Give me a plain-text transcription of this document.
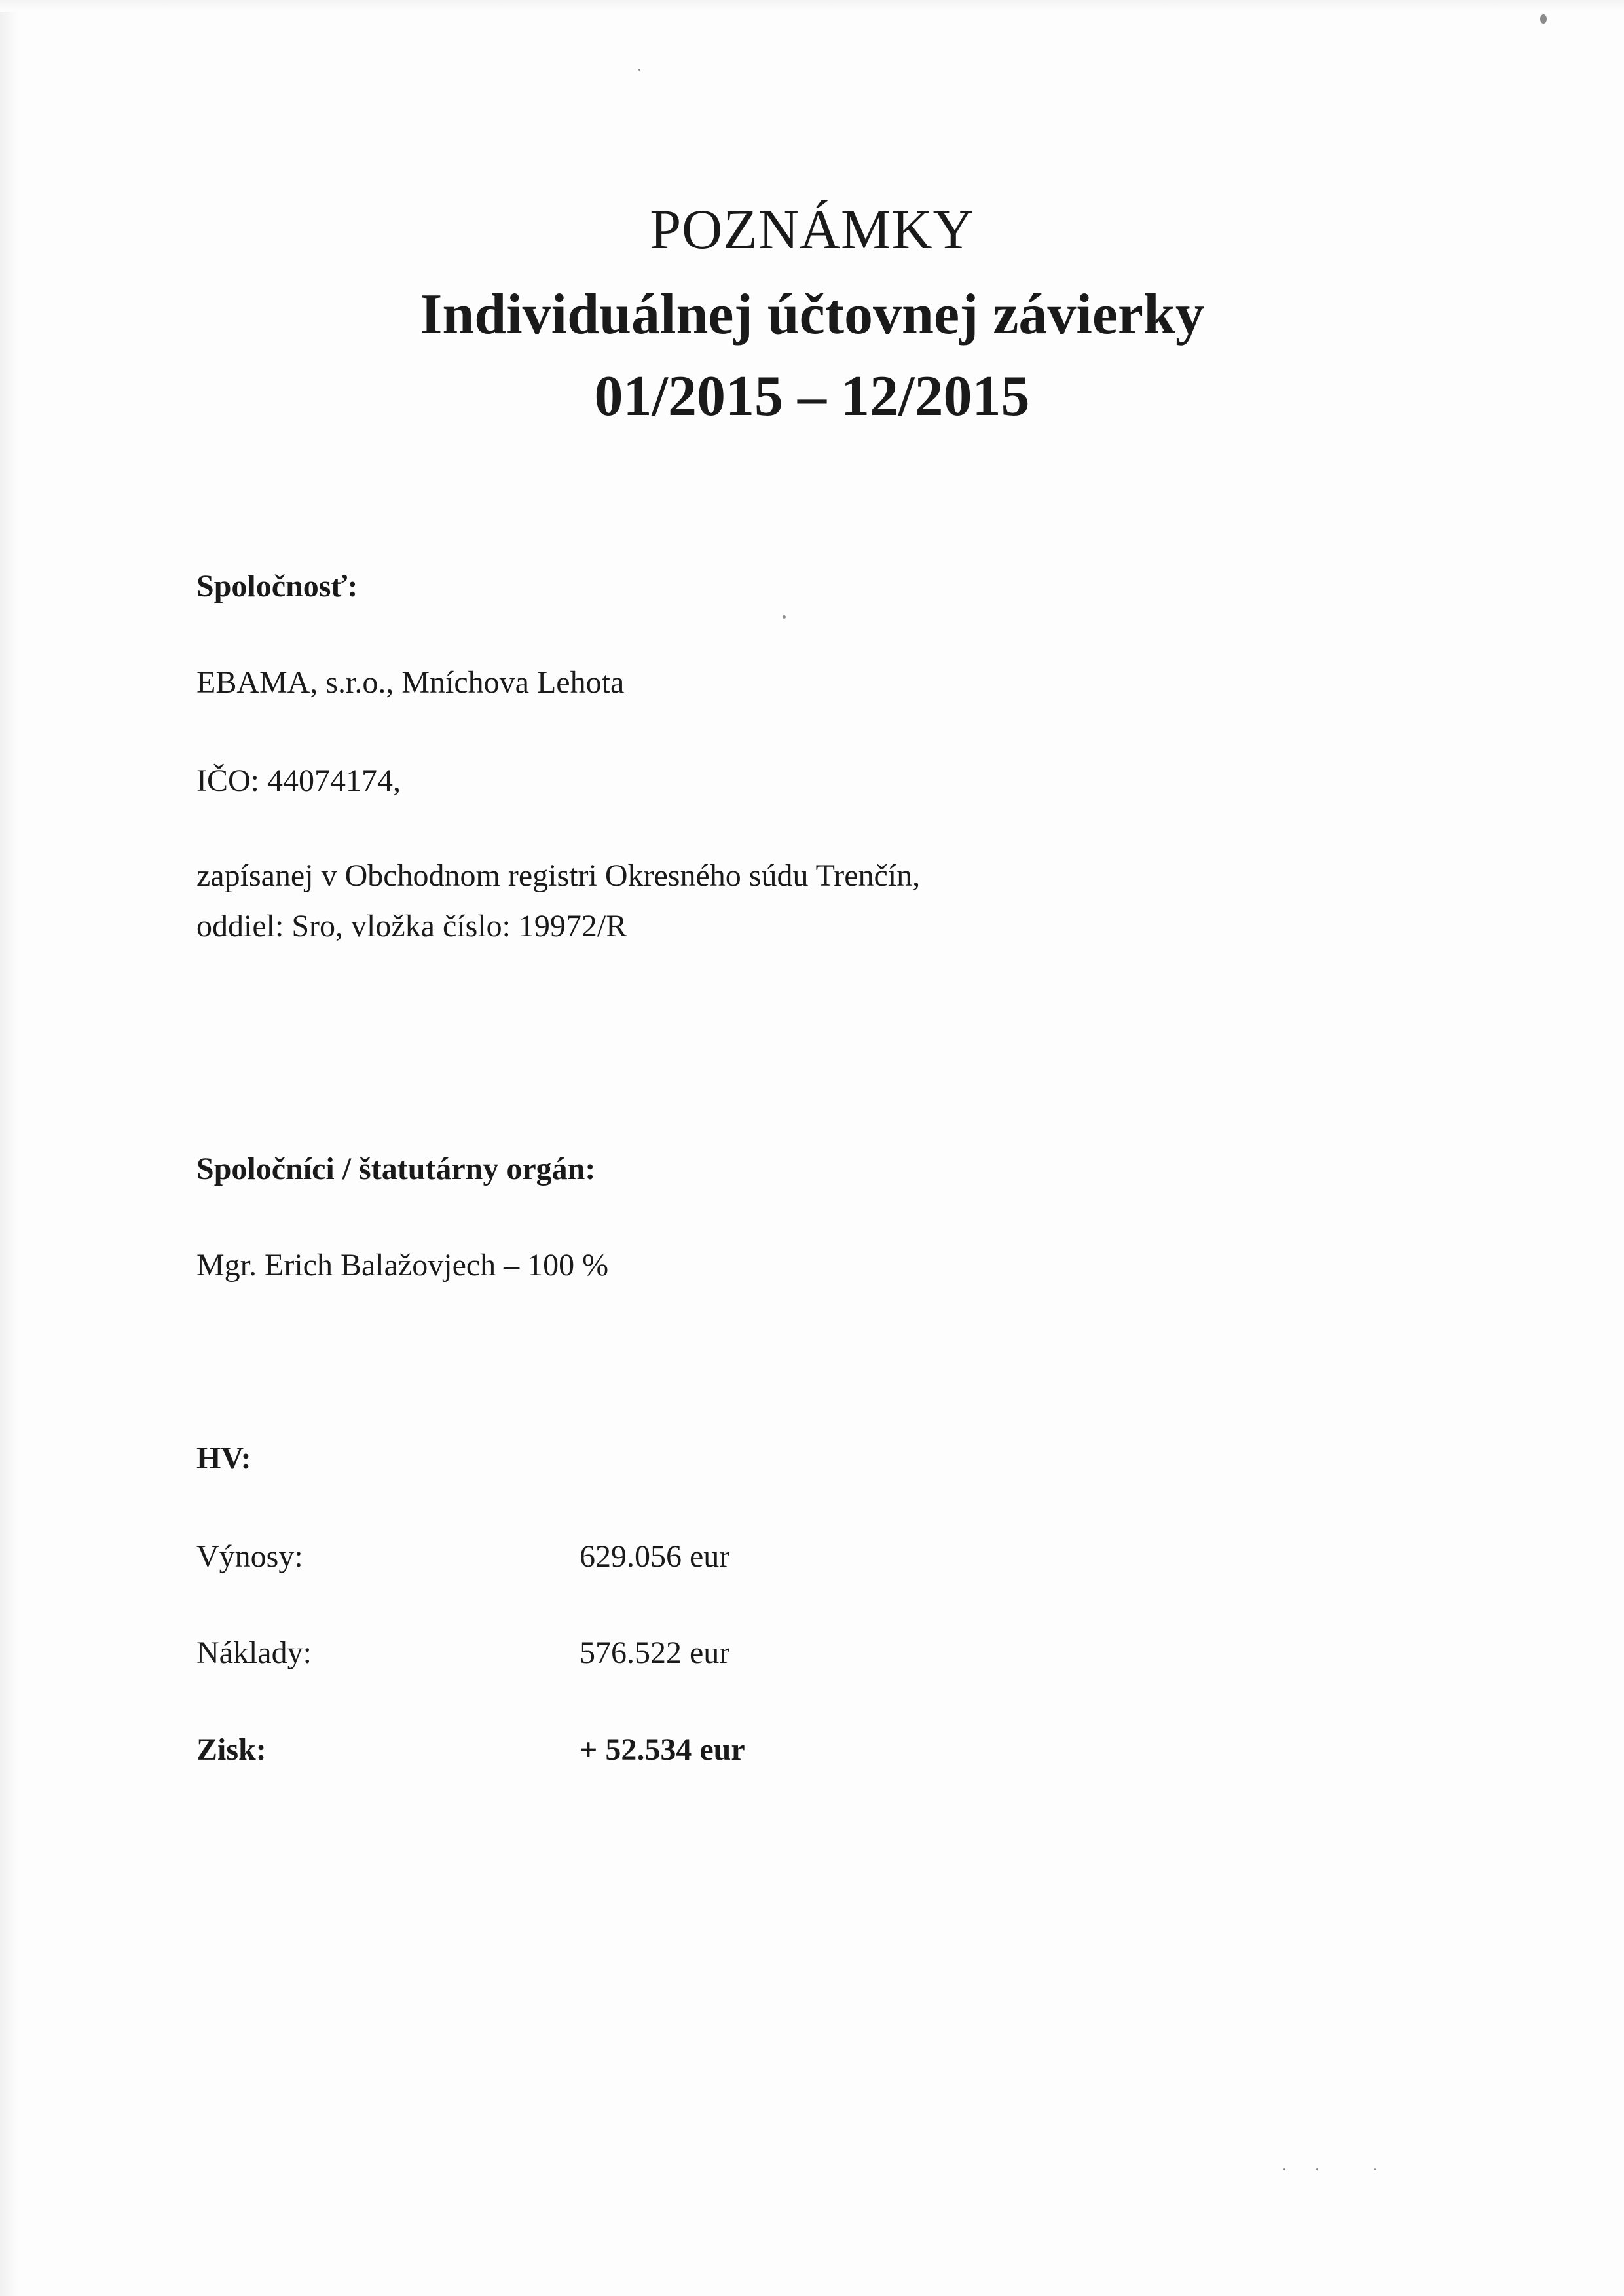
POZNÁMKY
Individuálnej účtovnej závierky
01/2015 – 12/2015
Spoločnosť:
EBAMA, s.r.o., Mníchova Lehota
IČO: 44074174,
zapísanej v Obchodnom registri Okresného súdu Trenčín,
oddiel: Sro, vložka číslo: 19972/R
Spoločníci / štatutárny orgán:
Mgr. Erich Balažovjech – 100 %
HV:
Výnosy:	629.056 eur
Náklady:	576.522 eur
Zisk:	+ 52.534 eur
